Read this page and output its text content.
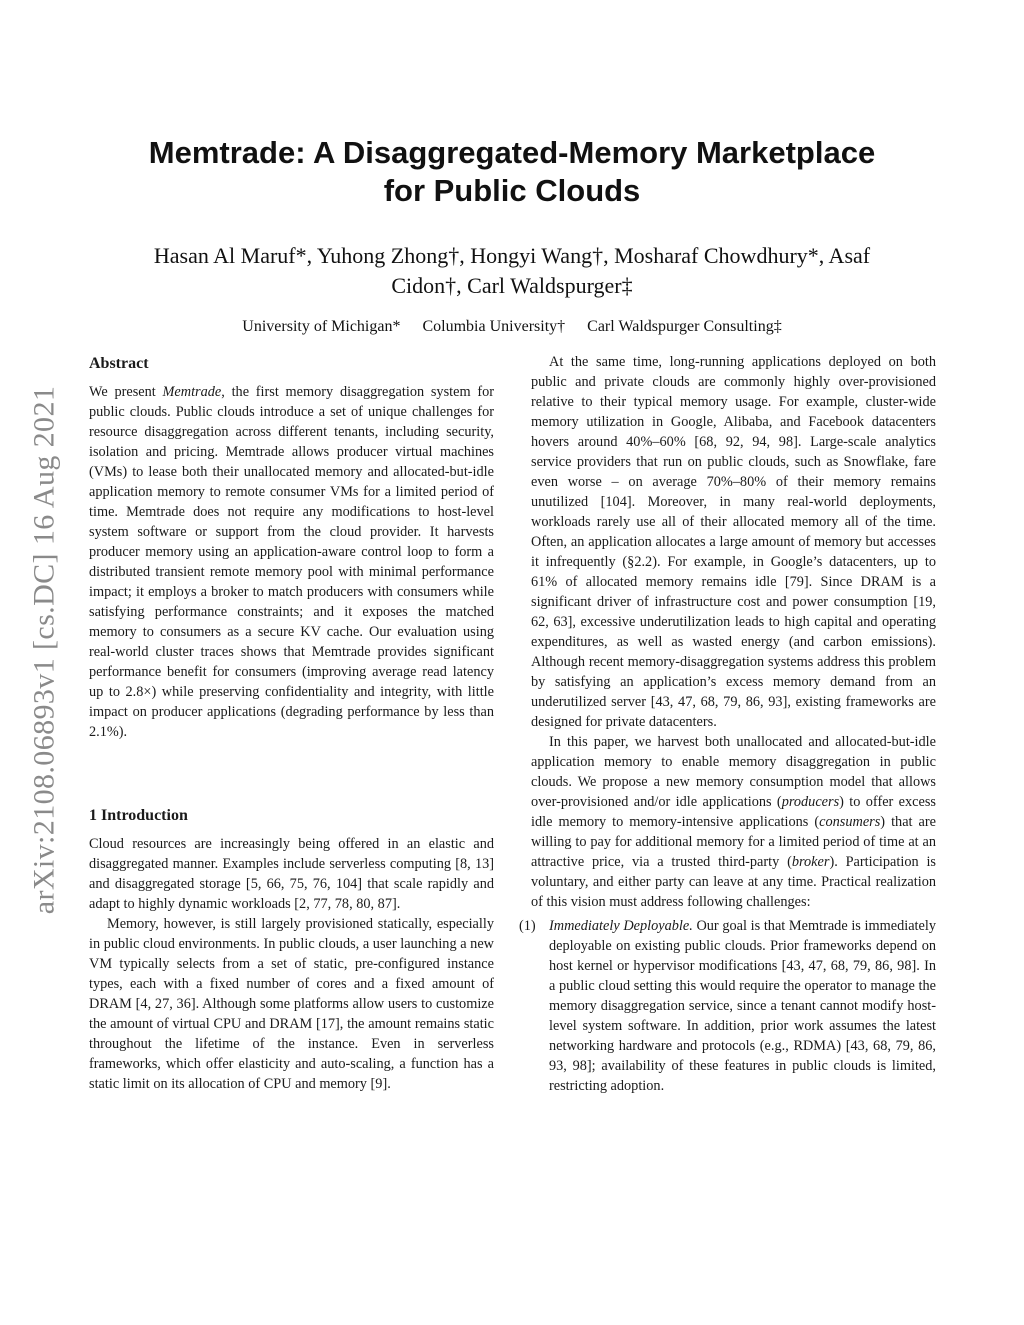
arXiv:2108.06893v1 [cs.DC] 16 Aug 2021
Memtrade: A Disaggregated-Memory Marketplace
for Public Clouds
Hasan Al Maruf*, Yuhong Zhong†, Hongyi Wang†, Mosharaf Chowdhury*, Asaf
Cidon†, Carl Waldspurger‡
University of Michigan* Columbia University† Carl Waldspurger Consulting‡
Abstract

We present Memtrade, the first memory disaggregation system for public clouds. Public clouds introduce a set of unique challenges for resource disaggregation across different tenants, including security, isolation and pricing. Memtrade allows producer virtual machines (VMs) to lease both their unallocated memory and allocated-but-idle application memory to remote consumer VMs for a limited period of time. Memtrade does not require any modifications to host-level system software or support from the cloud provider. It harvests producer memory using an application-aware control loop to form a distributed transient remote memory pool with minimal performance impact; it employs a broker to match producers with consumers while satisfying performance constraints; and it exposes the matched memory to consumers as a secure KV cache. Our evaluation using real-world cluster traces shows that Memtrade provides significant performance benefit for consumers (improving average read latency up to 2.8×) while preserving confidentiality and integrity, with little impact on producer applications (degrading performance by less than 2.1%).

1 Introduction

Cloud resources are increasingly being offered in an elastic and disaggregated manner. Examples include serverless computing [8, 13] and disaggregated storage [5, 66, 75, 76, 104] that scale rapidly and adapt to highly dynamic workloads [2, 77, 78, 80, 87].

Memory, however, is still largely provisioned statically, especially in public cloud environments. In public clouds, a user launching a new VM typically selects from a set of static, pre-configured instance types, each with a fixed number of cores and a fixed amount of DRAM [4, 27, 36]. Although some platforms allow users to customize the amount of virtual CPU and DRAM [17], the amount remains static throughout the lifetime of the instance. Even in serverless frameworks, which offer elasticity and auto-scaling, a function has a static limit on its allocation of CPU and memory [9].

At the same time, long-running applications deployed on both public and private clouds are commonly highly over-provisioned relative to their typical memory usage. For example, cluster-wide memory utilization in Google, Alibaba, and Facebook datacenters hovers around 40%–60% [68, 92, 94, 98]. Large-scale analytics service providers that run on public clouds, such as Snowflake, fare even worse – on average 70%–80% of their memory remains unutilized [104]. Moreover, in many real-world deployments, workloads rarely use all of their allocated memory all of the time. Often, an application allocates a large amount of memory but accesses it infrequently (§2.2). For example, in Google’s datacenters, up to 61% of allocated memory remains idle [79]. Since DRAM is a significant driver of infrastructure cost and power consumption [19, 62, 63], excessive underutilization leads to high capital and operating expenditures, as well as wasted energy (and carbon emissions). Although recent memory-disaggregation systems address this problem by satisfying an application’s excess memory demand from an underutilized server [43, 47, 68, 79, 86, 93], existing frameworks are designed for private datacenters.

In this paper, we harvest both unallocated and allocated-but-idle application memory to enable memory disaggregation in public clouds. We propose a new memory consumption model that allows over-provisioned and/or idle applications (producers) to offer excess idle memory to memory-intensive applications (consumers) that are willing to pay for additional memory for a limited period of time at an attractive price, via a trusted third-party (broker). Participation is voluntary, and either party can leave at any time. Practical realization of this vision must address following challenges:

(1) Immediately Deployable. Our goal is that Memtrade is immediately deployable on existing public clouds. Prior frameworks depend on host kernel or hypervisor modifications [43, 47, 68, 79, 86, 98]. In a public cloud setting this would require the operator to manage the memory disaggregation service, since a tenant cannot modify host-level system software. In addition, prior work assumes the latest networking hardware and protocols (e.g., RDMA) [43, 68, 79, 86, 93, 98]; availability of these features in public clouds is limited, restricting adoption.
